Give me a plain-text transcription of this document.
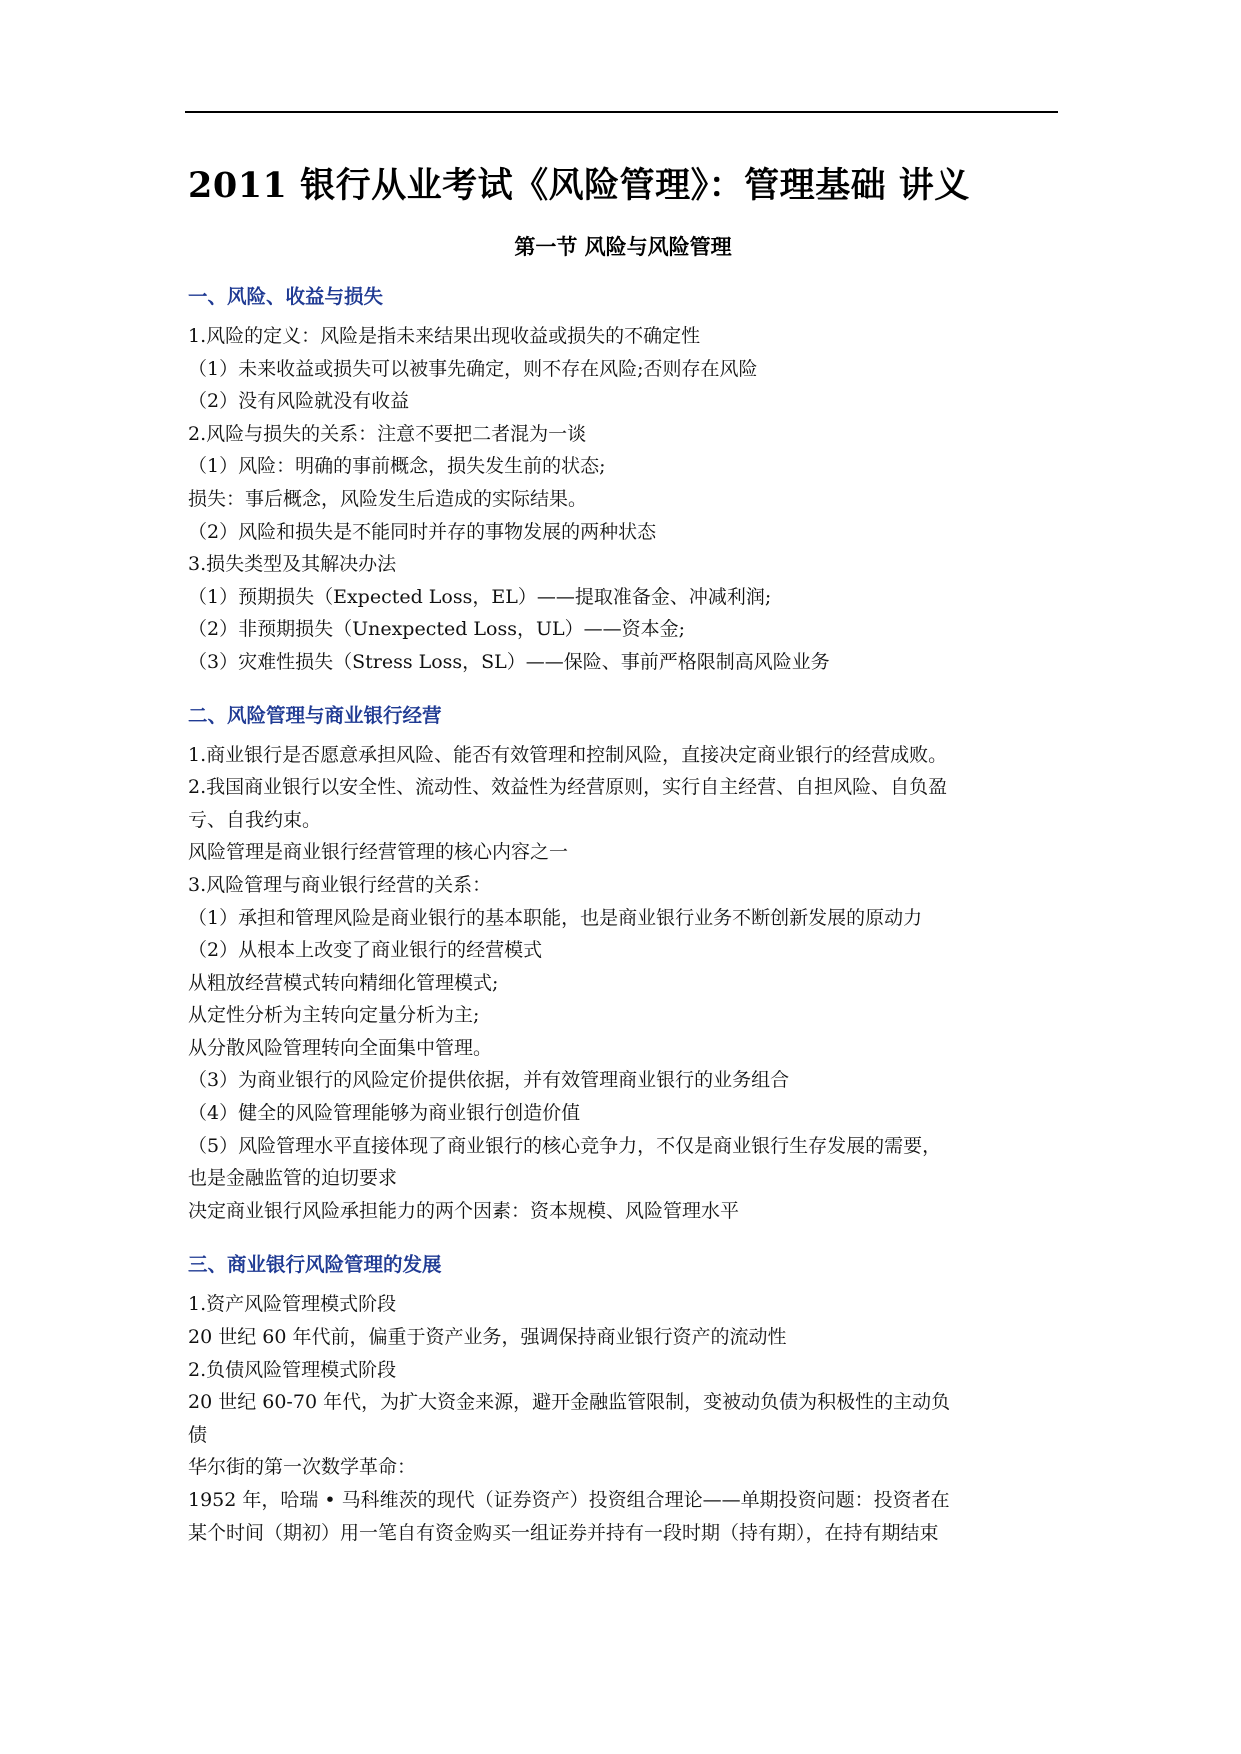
2011 银行从业考试《风险管理》：管理基础 讲义
第一节 风险与风险管理
一、风险、收益与损失
1.风险的定义：风险是指未来结果出现收益或损失的不确定性
（1）未来收益或损失可以被事先确定，则不存在风险;否则存在风险
（2）没有风险就没有收益
2.风险与损失的关系：注意不要把二者混为一谈
（1）风险：明确的事前概念，损失发生前的状态;
损失：事后概念，风险发生后造成的实际结果。
（2）风险和损失是不能同时并存的事物发展的两种状态
3.损失类型及其解决办法
（1）预期损失（Expected Loss，EL）——提取准备金、冲减利润;
（2）非预期损失（Unexpected Loss，UL）——资本金;
（3）灾难性损失（Stress Loss，SL）——保险、事前严格限制高风险业务
二、风险管理与商业银行经营
1.商业银行是否愿意承担风险、能否有效管理和控制风险，直接决定商业银行的经营成败。
2.我国商业银行以安全性、流动性、效益性为经营原则，实行自主经营、自担风险、自负盈
亏、自我约束。
风险管理是商业银行经营管理的核心内容之一
3.风险管理与商业银行经营的关系：
（1）承担和管理风险是商业银行的基本职能，也是商业银行业务不断创新发展的原动力
（2）从根本上改变了商业银行的经营模式
从粗放经营模式转向精细化管理模式;
从定性分析为主转向定量分析为主;
从分散风险管理转向全面集中管理。
（3）为商业银行的风险定价提供依据，并有效管理商业银行的业务组合
（4）健全的风险管理能够为商业银行创造价值
（5）风险管理水平直接体现了商业银行的核心竞争力，不仅是商业银行生存发展的需要，
也是金融监管的迫切要求
决定商业银行风险承担能力的两个因素：资本规模、风险管理水平
三、商业银行风险管理的发展
1.资产风险管理模式阶段
20 世纪 60 年代前，偏重于资产业务，强调保持商业银行资产的流动性
2.负债风险管理模式阶段
20 世纪 60-70 年代，为扩大资金来源，避开金融监管限制，变被动负债为积极性的主动负
债
华尔街的第一次数学革命：
1952 年，哈瑞 • 马科维茨的现代（证券资产）投资组合理论——单期投资问题：投资者在
某个时间（期初）用一笔自有资金购买一组证券并持有一段时期（持有期），在持有期结束
